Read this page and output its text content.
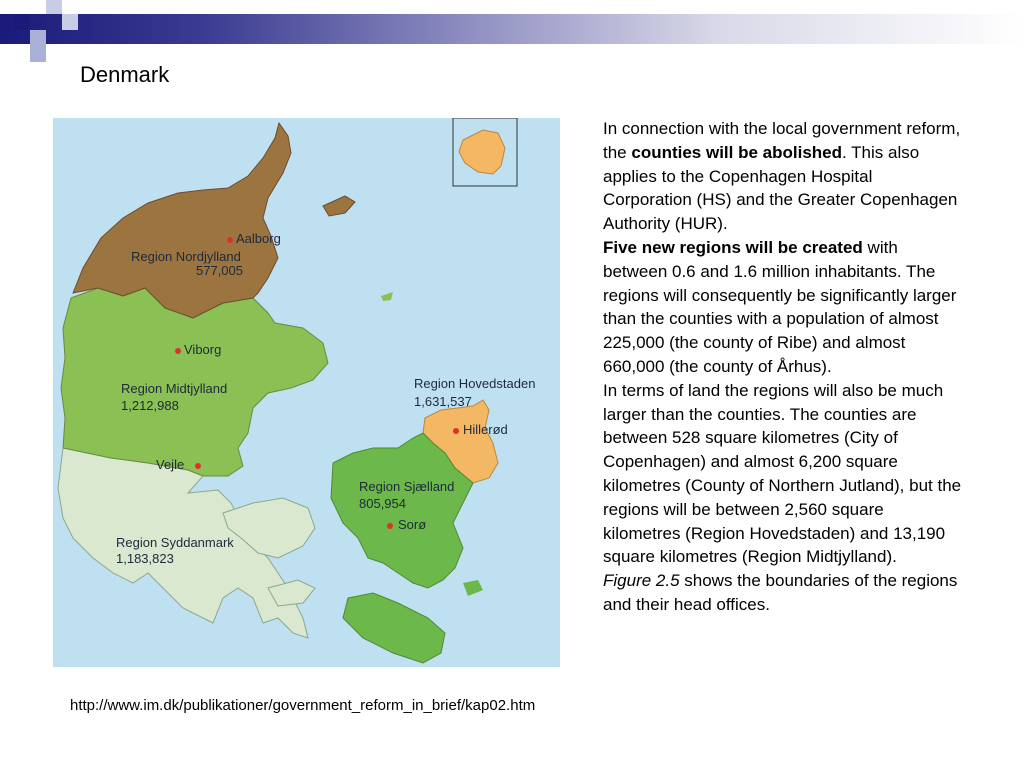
Denmark
Aalborg
Viborg
Vejle
Hillerød
Sorø
Region Nordjylland
577,005
Region Midtjylland
1,212,988
Region Syddanmark
1,183,823
Region Sjælland
805,954
Region Hovedstaden
1,631,537

In connection with the local government reform, the counties will be abolished. This also applies to the Copenhagen Hospital Corporation (HS) and the Greater Copenhagen Authority (HUR).

Five new regions will be created with between 0.6 and 1.6 million inhabitants. The regions will consequently be significantly larger than the counties with a population of almost 225,000 (the county of Ribe) and almost 660,000 (the county of Århus).

In terms of land the regions will also be much larger than the counties. The counties are between 528 square kilometres (City of Copenhagen) and almost 6,200 square kilometres (County of Northern Jutland), but the regions will be between 2,560 square kilometres (Region Hovedstaden) and 13,190 square kilometres (Region Midtjylland).

Figure 2.5 shows the boundaries of the regions and their head offices.

http://www.im.dk/publikationer/government_reform_in_brief/kap02.htm
